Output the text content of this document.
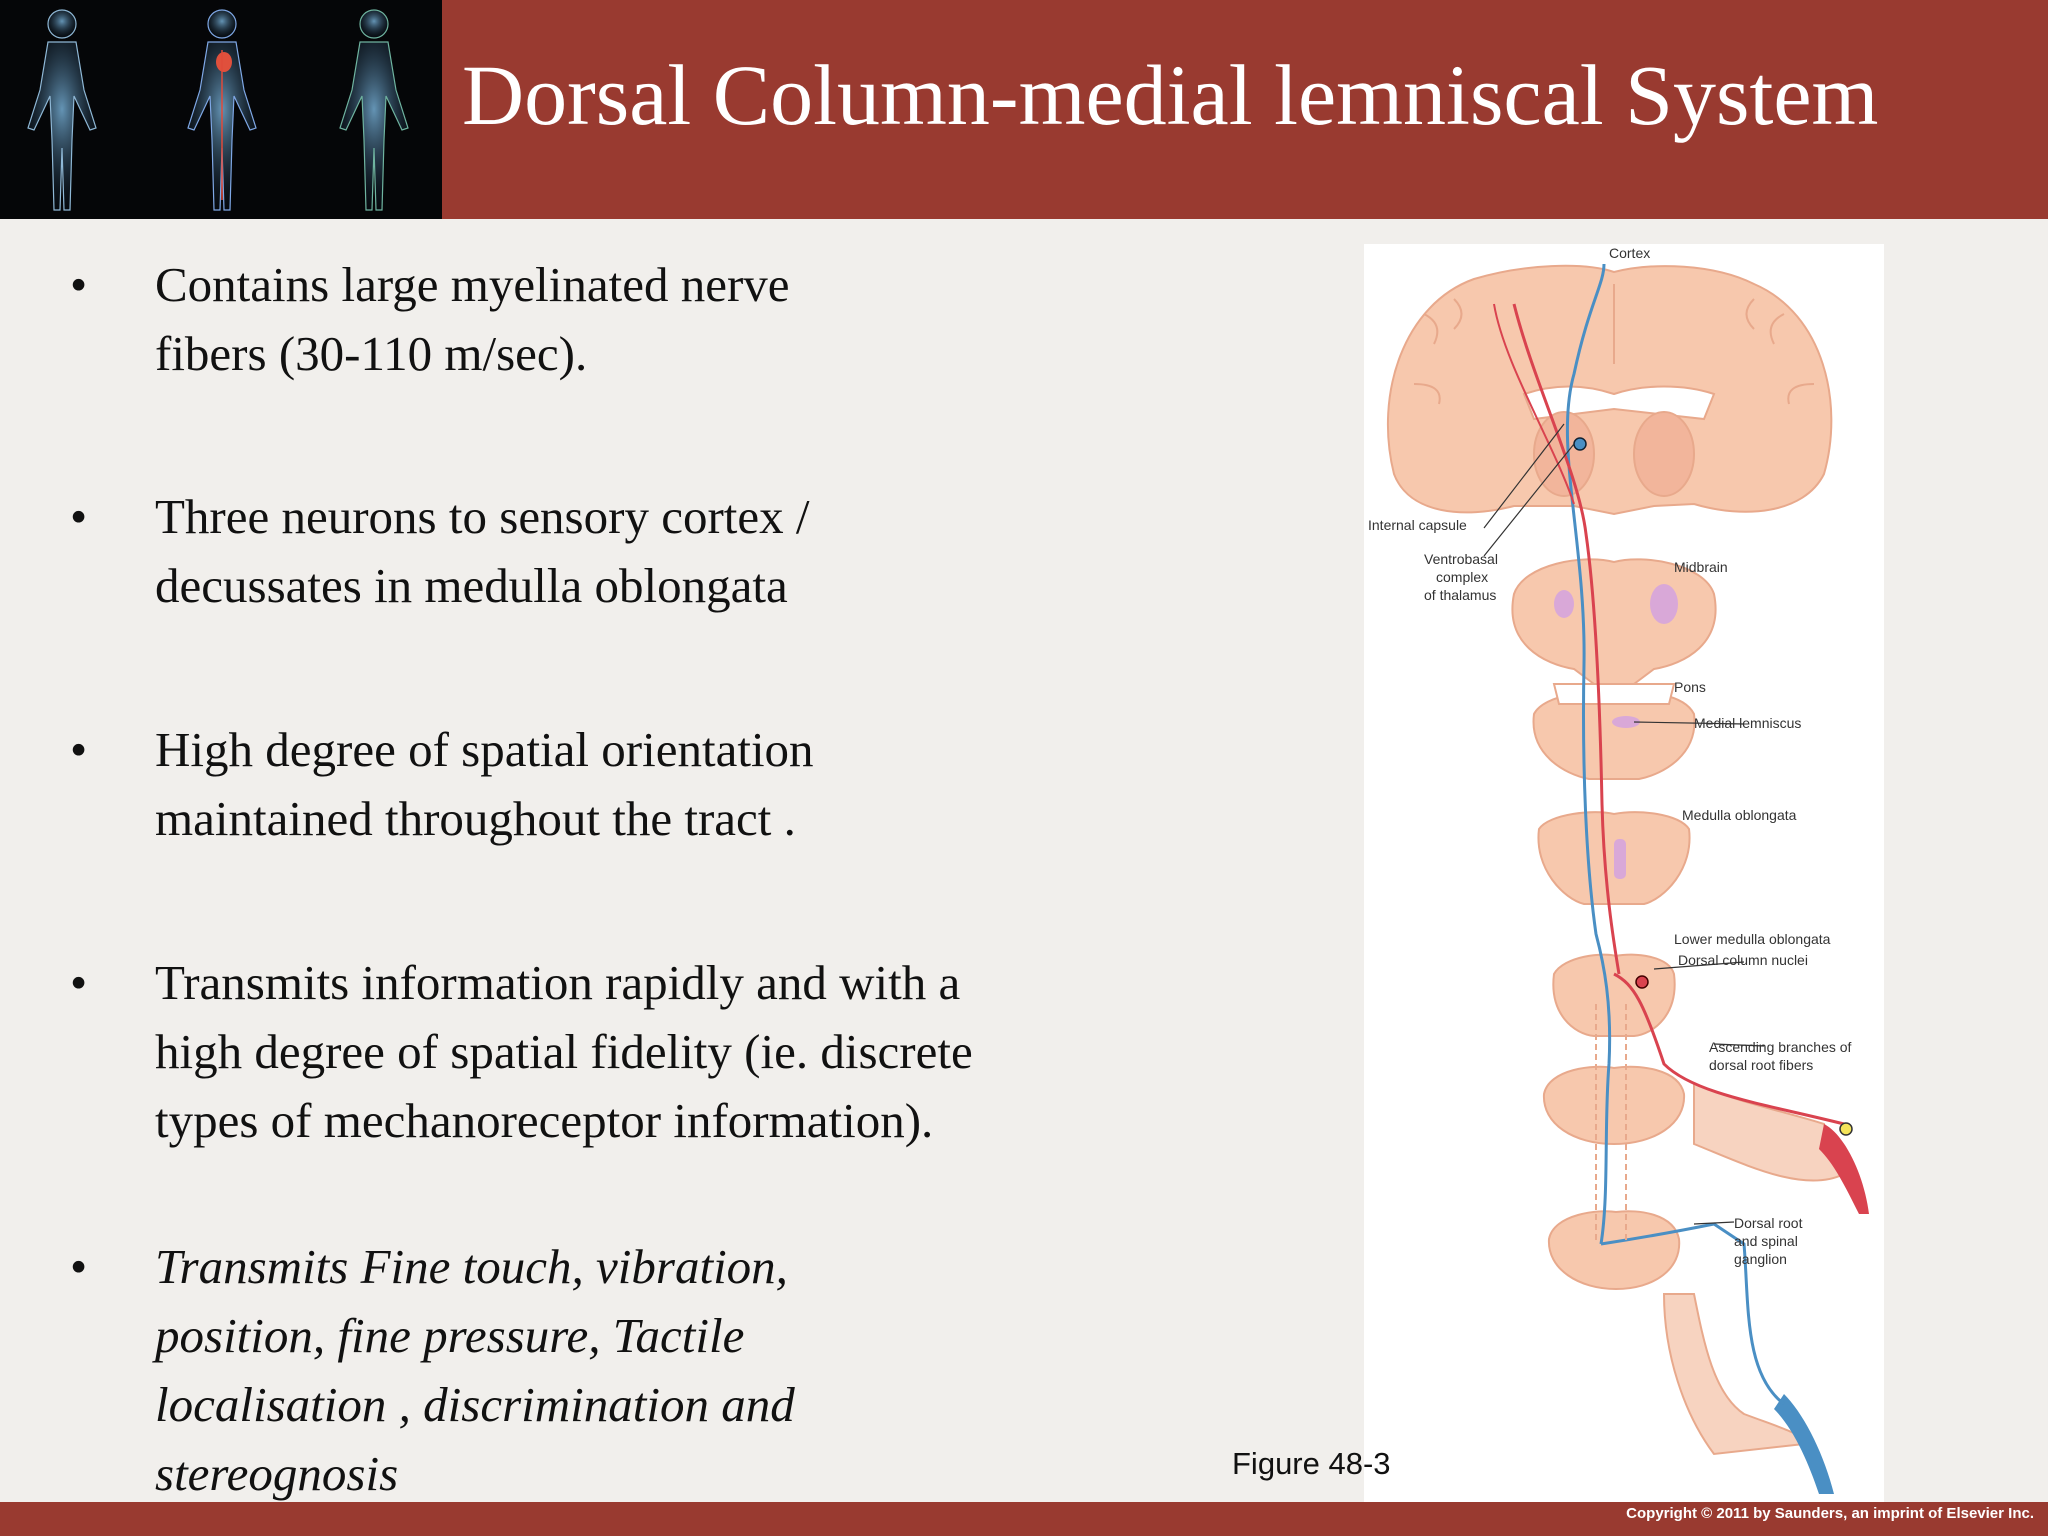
Dorsal Column-medial lemniscal System
•	Contains large myelinated nerve fibers (30-110 m/sec).
•	Three neurons to sensory cortex / decussates in medulla oblongata
•	High degree of spatial orientation maintained throughout the tract .
•	Transmits information rapidly and with a high degree of spatial fidelity (ie. discrete types of mechanoreceptor information).
•	Transmits Fine touch, vibration, position, fine pressure, Tactile localisation , discrimination and stereognosis
Cortex
Internal capsule
Ventrobasal
complex
of thalamus
Midbrain
Pons
Medial lemniscus
Medulla oblongata
Lower medulla oblongata
Dorsal column nuclei
Ascending branches of
dorsal root fibers
Dorsal root
and spinal
ganglion
Figure 48-3
Copyright © 2011 by Saunders, an imprint of Elsevier Inc.
